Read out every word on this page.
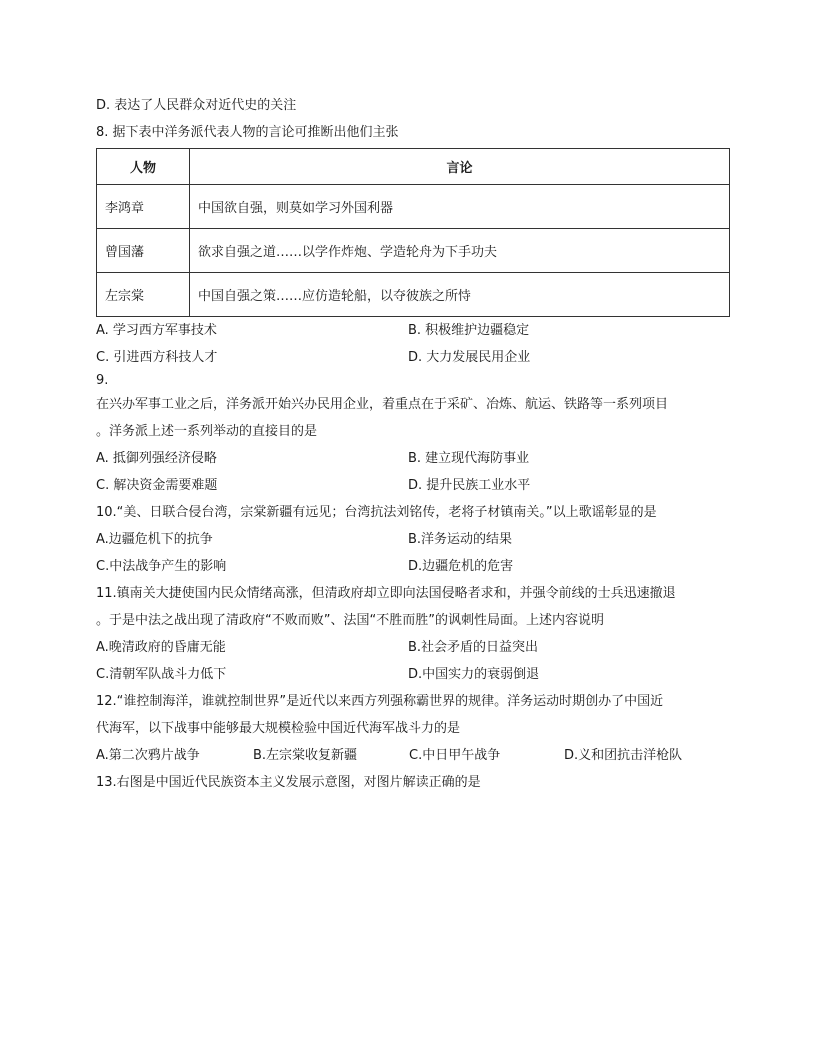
D. 表达了人民群众对近代史的关注
8. 据下表中洋务派代表人物的言论可推断出他们主张
人物	言论
李鸿章	中国欲自强，则莫如学习外国利器
曾国藩	欲求自强之道……以学作炸炮、学造轮舟为下手功夫
左宗棠	中国自强之策……应仿造轮船，以夺彼族之所恃
A. 学习西方军事技术	B. 积极维护边疆稳定
C. 引进西方科技人才	D. 大力发展民用企业
9.
在兴办军事工业之后，洋务派开始兴办民用企业，着重点在于采矿、冶炼、航运、铁路等一系列项目
。洋务派上述一系列举动的直接目的是
A. 抵御列强经济侵略	B. 建立现代海防事业
C. 解决资金需要难题	D. 提升民族工业水平
10.“美、日联合侵台湾，宗棠新疆有远见；台湾抗法刘铭传，老将子材镇南关。”以上歌谣彰显的是
A.边疆危机下的抗争	B.洋务运动的结果
C.中法战争产生的影响	D.边疆危机的危害
11.镇南关大捷使国内民众情绪高涨，但清政府却立即向法国侵略者求和，并强令前线的士兵迅速撤退
。于是中法之战出现了清政府“不败而败”、法国“不胜而胜”的讽刺性局面。上述内容说明
A.晚清政府的昏庸无能	B.社会矛盾的日益突出
C.清朝军队战斗力低下	D.中国实力的衰弱倒退
12.“谁控制海洋，谁就控制世界”是近代以来西方列强称霸世界的规律。洋务运动时期创办了中国近
代海军，以下战事中能够最大规模检验中国近代海军战斗力的是
A.第二次鸦片战争	B.左宗棠收复新疆	C.中日甲午战争	D.义和团抗击洋枪队
13.右图是中国近代民族资本主义发展示意图，对图片解读正确的是
